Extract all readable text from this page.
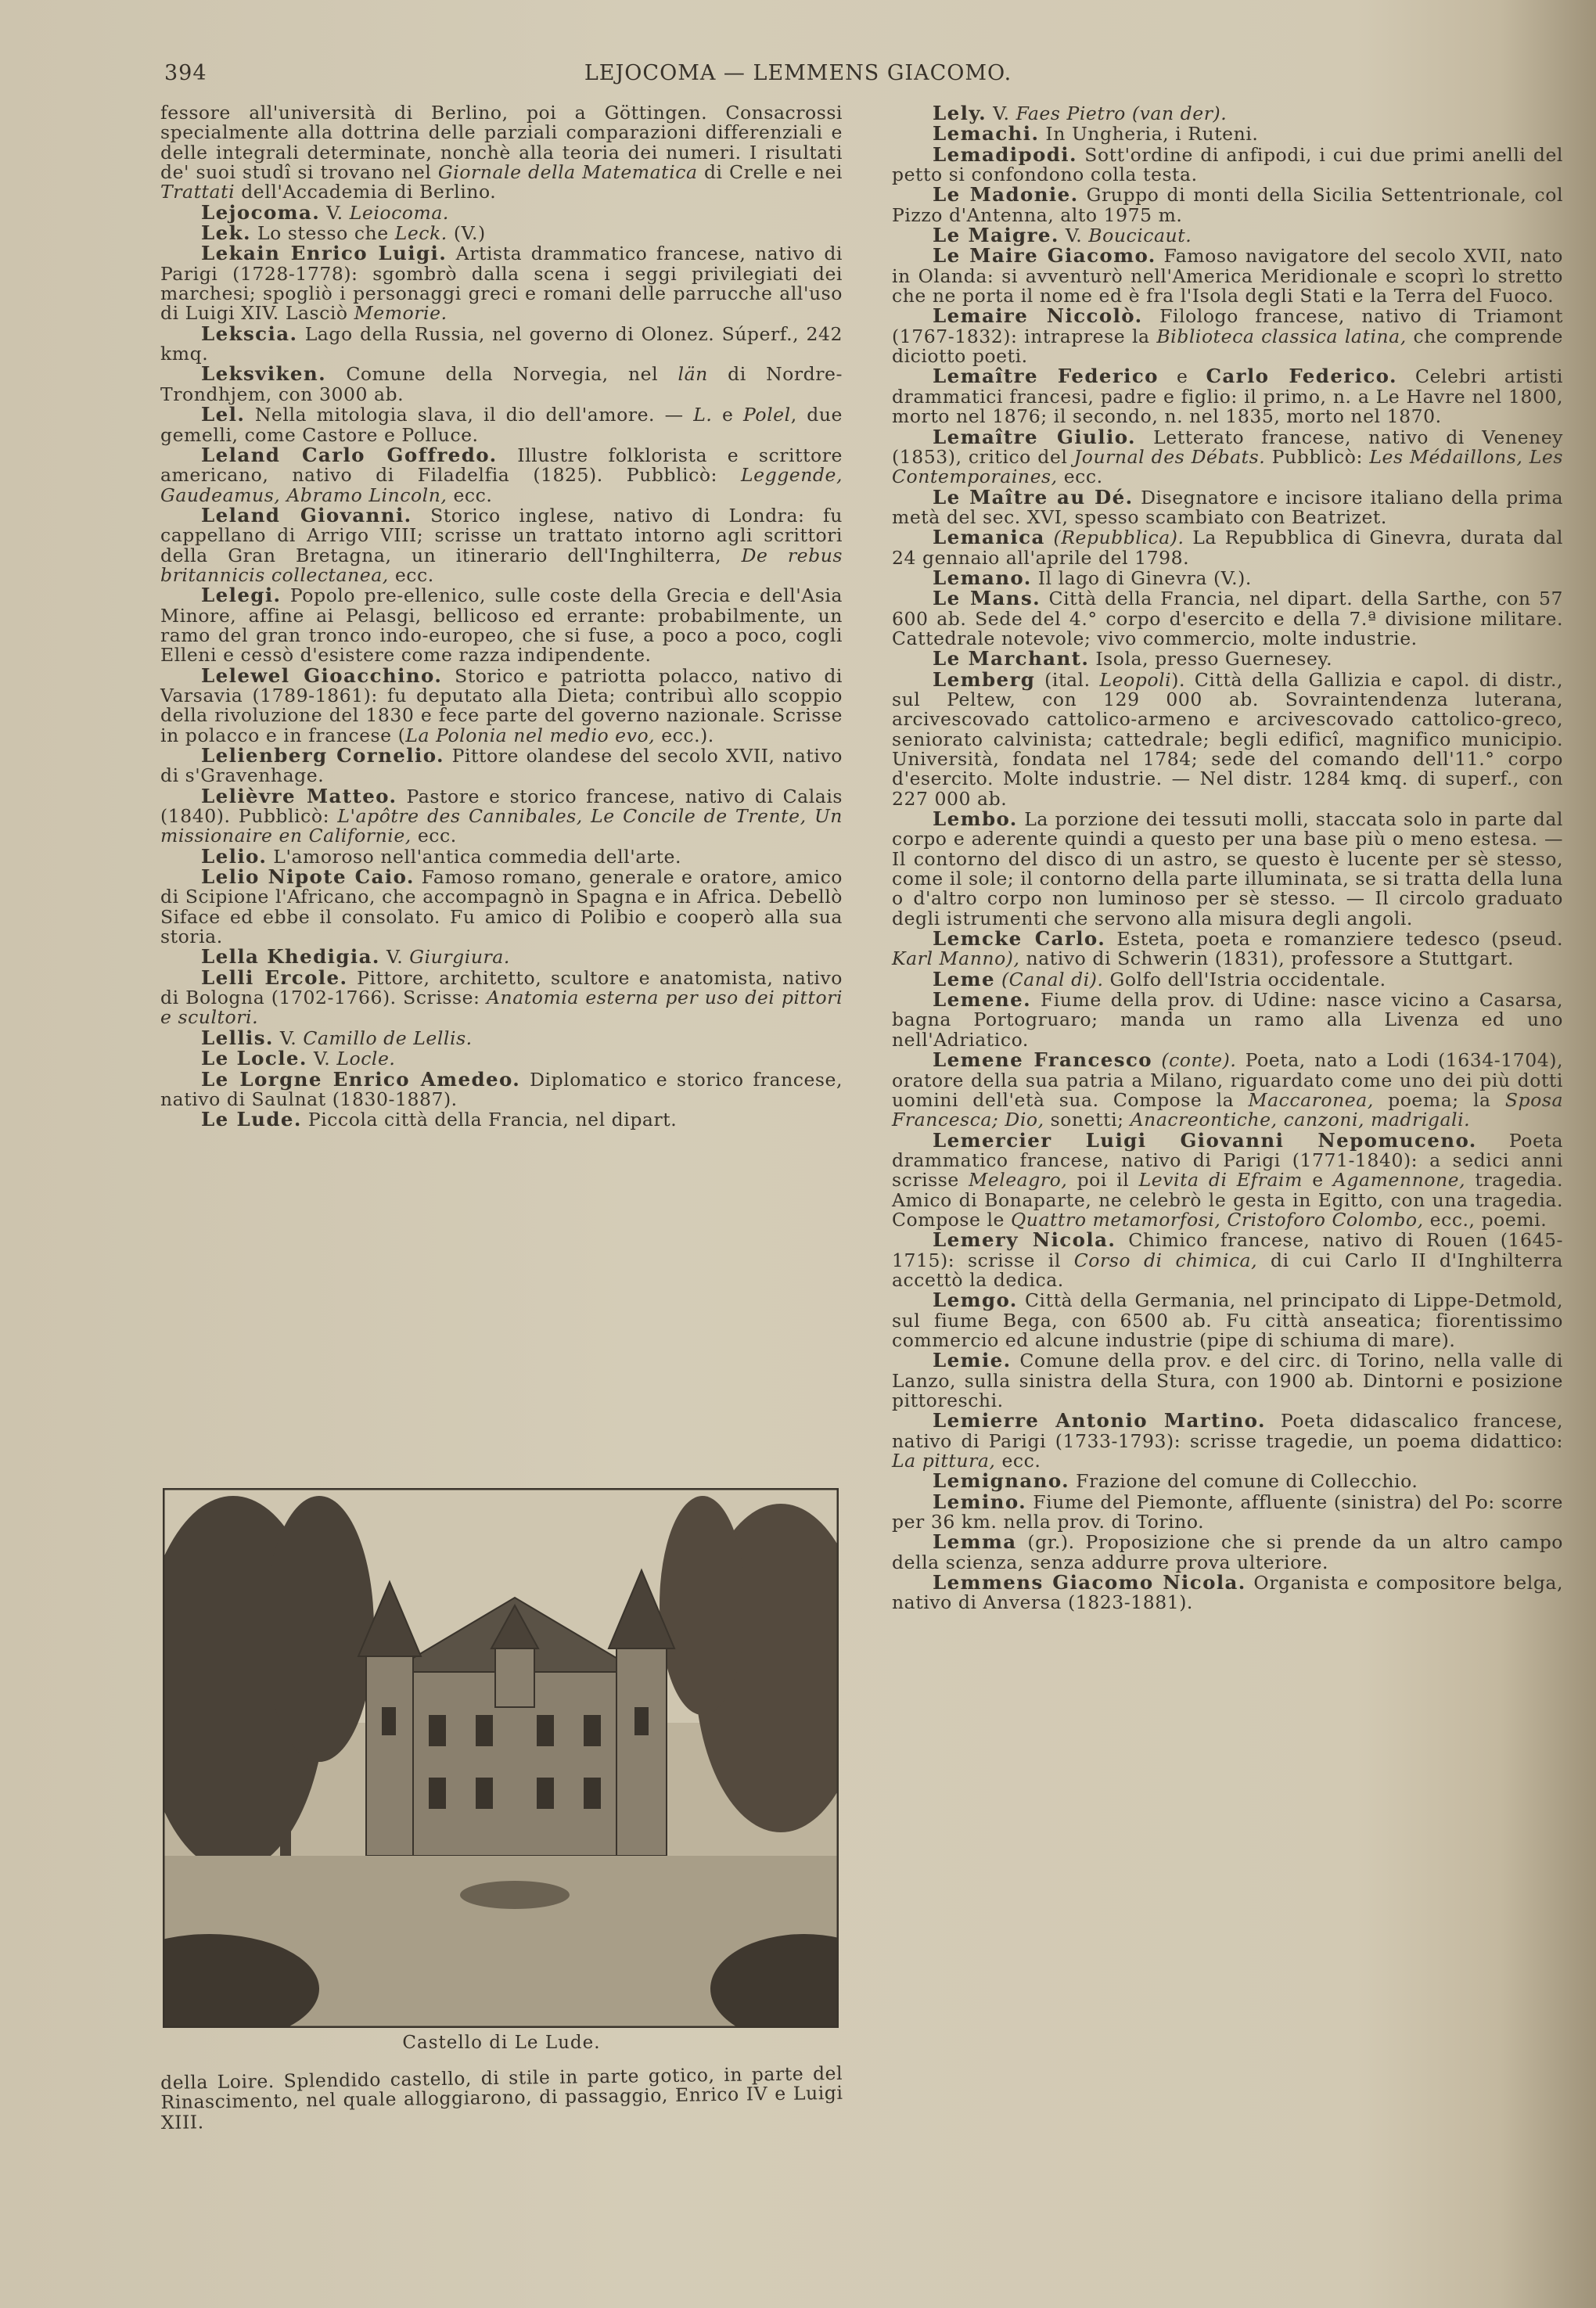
394	LEJOCOMA — LEMMENS GIACOMO.
fessore all'università di Berlino, poi a Göttingen. Consacrossi specialmente alla dottrina delle parziali comparazioni differenziali e delle integrali determinate, nonchè alla teoria dei numeri. I risultati de' suoi studî si trovano nel Giornale della Matematica di Crelle e nei Trattati dell'Accademia di Berlino.
Lejocoma. V. Leiocoma.
Lek. Lo stesso che Leck. (V.)
Lekain Enrico Luigi. Artista drammatico francese, nativo di Parigi (1728-1778): sgombrò dalla scena i seggi privilegiati dei marchesi; spogliò i personaggi greci e romani delle parrucche all'uso di Luigi XIV. Lasciò Memorie.
Lekscia. Lago della Russia, nel governo di Olonez. Súperf., 242 kmq.
Leksviken. Comune della Norvegia, nel län di Nordre-Trondhjem, con 3000 ab.
Lel. Nella mitologia slava, il dio dell'amore. — L. e Polel, due gemelli, come Castore e Polluce.
Leland Carlo Goffredo. Illustre folklorista e scrittore americano, nativo di Filadelfia (1825). Pubblicò: Leggende, Gaudeamus, Abramo Lincoln, ecc.
Leland Giovanni. Storico inglese, nativo di Londra: fu cappellano di Arrigo VIII; scrisse un trattato intorno agli scrittori della Gran Bretagna, un itinerario dell'Inghilterra, De rebus britannicis collectanea, ecc.
Lelegi. Popolo pre-ellenico, sulle coste della Grecia e dell'Asia Minore, affine ai Pelasgi, bellicoso ed errante: probabilmente, un ramo del gran tronco indo-europeo, che si fuse, a poco a poco, cogli Elleni e cessò d'esistere come razza indipendente.
Lelewel Gioacchino. Storico e patriotta polacco, nativo di Varsavia (1789-1861): fu deputato alla Dieta; contribuì allo scoppio della rivoluzione del 1830 e fece parte del governo nazionale. Scrisse in polacco e in francese (La Polonia nel medio evo, ecc.).
Lelienberg Cornelio. Pittore olandese del secolo XVII, nativo di s'Gravenhage.
Lelièvre Matteo. Pastore e storico francese, nativo di Calais (1840). Pubblicò: L'apôtre des Cannibales, Le Concile de Trente, Un missionaire en Californie, ecc.
Lelio. L'amoroso nell'antica commedia dell'arte.
Lelio Nipote Caio. Famoso romano, generale e oratore, amico di Scipione l'Africano, che accompagnò in Spagna e in Africa. Debellò Siface ed ebbe il consolato. Fu amico di Polibio e cooperò alla sua storia.
Lella Khedigia. V. Giurgiura.
Lelli Ercole. Pittore, architetto, scultore e anatomista, nativo di Bologna (1702-1766). Scrisse: Anatomia esterna per uso dei pittori e scultori.
Lellis. V. Camillo de Lellis.
Le Locle. V. Locle.
Le Lorgne Enrico Amedeo. Diplomatico e storico francese, nativo di Saulnat (1830-1887).
Le Lude. Piccola città della Francia, nel dipart.
Castello di Le Lude.
della Loire. Splendido castello, di stile in parte gotico, in parte del Rinascimento, nel quale alloggiarono, di passaggio, Enrico IV e Luigi XIII.
Lely. V. Faes Pietro (van der).
Lemachi. In Ungheria, i Ruteni.
Lemadipodi. Sott'ordine di anfipodi, i cui due primi anelli del petto si confondono colla testa.
Le Madonie. Gruppo di monti della Sicilia Settentrionale, col Pizzo d'Antenna, alto 1975 m.
Le Maigre. V. Boucicaut.
Le Maire Giacomo. Famoso navigatore del secolo XVII, nato in Olanda: si avventurò nell'America Meridionale e scoprì lo stretto che ne porta il nome ed è fra l'Isola degli Stati e la Terra del Fuoco.
Lemaire Niccolò. Filologo francese, nativo di Triamont (1767-1832): intraprese la Biblioteca classica latina, che comprende diciotto poeti.
Lemaître Federico e Carlo Federico. Celebri artisti drammatici francesi, padre e figlio: il primo, n. a Le Havre nel 1800, morto nel 1876; il secondo, n. nel 1835, morto nel 1870.
Lemaître Giulio. Letterato francese, nativo di Veneney (1853), critico del Journal des Débats. Pubblicò: Les Médaillons, Les Contemporaines, ecc.
Le Maître au Dé. Disegnatore e incisore italiano della prima metà del sec. XVI, spesso scambiato con Beatrizet.
Lemanica (Repubblica). La Repubblica di Ginevra, durata dal 24 gennaio all'aprile del 1798.
Lemano. Il lago di Ginevra (V.).
Le Mans. Città della Francia, nel dipart. della Sarthe, con 57 600 ab. Sede del 4.° corpo d'esercito e della 7.ª divisione militare. Cattedrale notevole; vivo commercio, molte industrie.
Le Marchant. Isola, presso Guernesey.
Lemberg (ital. Leopoli). Città della Gallizia e capol. di distr., sul Peltew, con 129 000 ab. Sovraintendenza luterana, arcivescovado cattolico-armeno e arcivescovado cattolico-greco, seniorato calvinista; cattedrale; begli edificî, magnifico municipio. Università, fondata nel 1784; sede del comando dell'11.° corpo d'esercito. Molte industrie. — Nel distr. 1284 kmq. di superf., con 227 000 ab.
Lembo. La porzione dei tessuti molli, staccata solo in parte dal corpo e aderente quindi a questo per una base più o meno estesa. — Il contorno del disco di un astro, se questo è lucente per sè stesso, come il sole; il contorno della parte illuminata, se si tratta della luna o d'altro corpo non luminoso per sè stesso. — Il circolo graduato degli istrumenti che servono alla misura degli angoli.
Lemcke Carlo. Esteta, poeta e romanziere tedesco (pseud. Karl Manno), nativo di Schwerin (1831), professore a Stuttgart.
Leme (Canal di). Golfo dell'Istria occidentale.
Lemene. Fiume della prov. di Udine: nasce vicino a Casarsa, bagna Portogruaro; manda un ramo alla Livenza ed uno nell'Adriatico.
Lemene Francesco (conte). Poeta, nato a Lodi (1634-1704), oratore della sua patria a Milano, riguardato come uno dei più dotti uomini dell'età sua. Compose la Maccaronea, poema; la Sposa Francesca; Dio, sonetti; Anacreontiche, canzoni, madrigali.
Lemercier Luigi Giovanni Nepomuceno. Poeta drammatico francese, nativo di Parigi (1771-1840): a sedici anni scrisse Meleagro, poi il Levita di Efraim e Agamennone, tragedia. Amico di Bonaparte, ne celebrò le gesta in Egitto, con una tragedia. Compose le Quattro metamorfosi, Cristoforo Colombo, ecc., poemi.
Lemery Nicola. Chimico francese, nativo di Rouen (1645-1715): scrisse il Corso di chimica, di cui Carlo II d'Inghilterra accettò la dedica.
Lemgo. Città della Germania, nel principato di Lippe-Detmold, sul fiume Bega, con 6500 ab. Fu città anseatica; fiorentissimo commercio ed alcune industrie (pipe di schiuma di mare).
Lemie. Comune della prov. e del circ. di Torino, nella valle di Lanzo, sulla sinistra della Stura, con 1900 ab. Dintorni e posizione pittoreschi.
Lemierre Antonio Martino. Poeta didascalico francese, nativo di Parigi (1733-1793): scrisse tragedie, un poema didattico: La pittura, ecc.
Lemignano. Frazione del comune di Collecchio.
Lemino. Fiume del Piemonte, affluente (sinistra) del Po: scorre per 36 km. nella prov. di Torino.
Lemma (gr.). Proposizione che si prende da un altro campo della scienza, senza addurre prova ulteriore.
Lemmens Giacomo Nicola. Organista e compositore belga, nativo di Anversa (1823-1881).
